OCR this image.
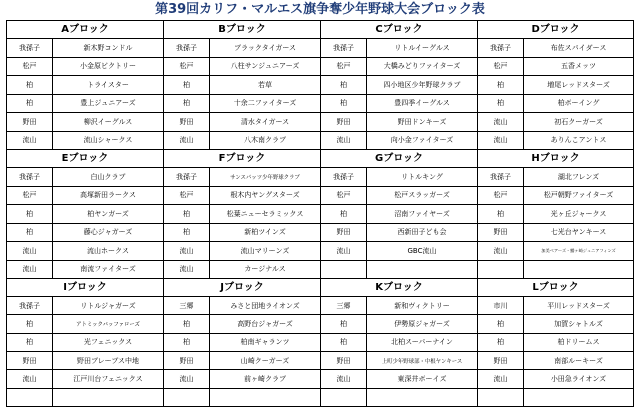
第39回カリフ・マルエス旗争奪少年野球大会ブロック表
Aブロック
我孫子	新木野コンドル
松戸	小金原ビクトリー
柏	トライスター
柏	豊上ジュニアーズ
野田	柳沢イーグルス
流山	流山シャークス
Bブロック
我孫子	ブラックタイガース
松戸	八柱サンジュニアーズ
柏	若草
柏	十余二ファイターズ
野田	清水タイガース
流山	八木南クラブ
Cブロック
我孫子	リトルイーグルス
松戸	大橋みどりファイターズ
柏	四小地区少年野球クラブ
柏	豊四季イーグルス
野田	野田ドンキーズ
流山	向小金ファイターズ
Dブロック
我孫子	布佐スパイダース
松戸	五香メッツ
柏	増尾レッドスターズ
柏	柏ボーイング
流山	初石クーガーズ
流山	ありんこアントス
Eブロック
我孫子	白山クラブ
松戸	高塚新田ラークス
柏	柏ヤンガーズ
柏	藤心ジャガーズ
流山	流山ホークス
流山	南流ファイターズ
Fブロック
我孫子	サンスパッツ少年野球クラブ
松戸	根木内ヤングスターズ
柏	松葉ニューセラミックス
柏	新柏ツインズ
流山	流山マリーンズ
流山	カージナルス
Gブロック
我孫子	リトルキング
松戸	松戸スラッガーズ
柏	沼南ファイヤーズ
野田	西新田子ども会
流山	GBC流山
Hブロック
我孫子	湖北フレンズ
松戸	松戸朝野ファイターズ
柏	光ヶ丘ジャークス
野田	七光台ヤンキース
流山	加美ベアーズ・鰭ヶ崎ジュニアフィンズ
Iブロック
我孫子	リトルジャガーズ
柏	アトミックバッファローズ
柏	光フェニックス
野田	野田ブレーブス中地
流山	江戸川台フェニックス
Jブロック
三郷	みさと団地ライオンズ
柏	高野台ジャガーズ
柏	柏南ギャランツ
野田	山崎クーガーズ
流山	前ヶ崎クラブ
Kブロック
三郷	新和ヴィクトリー
柏	伊勢原ジャガーズ
柏	北柏スーパーナイン
野田	上町少年野球部・中根ヤンキース
流山	東深井ボーイズ
Lブロック
市川	平川レッドスターズ
柏	加賀シャトルズ
柏	柏ドリームス
野田	南部ルーキーズ
流山	小田急ライオンズ
